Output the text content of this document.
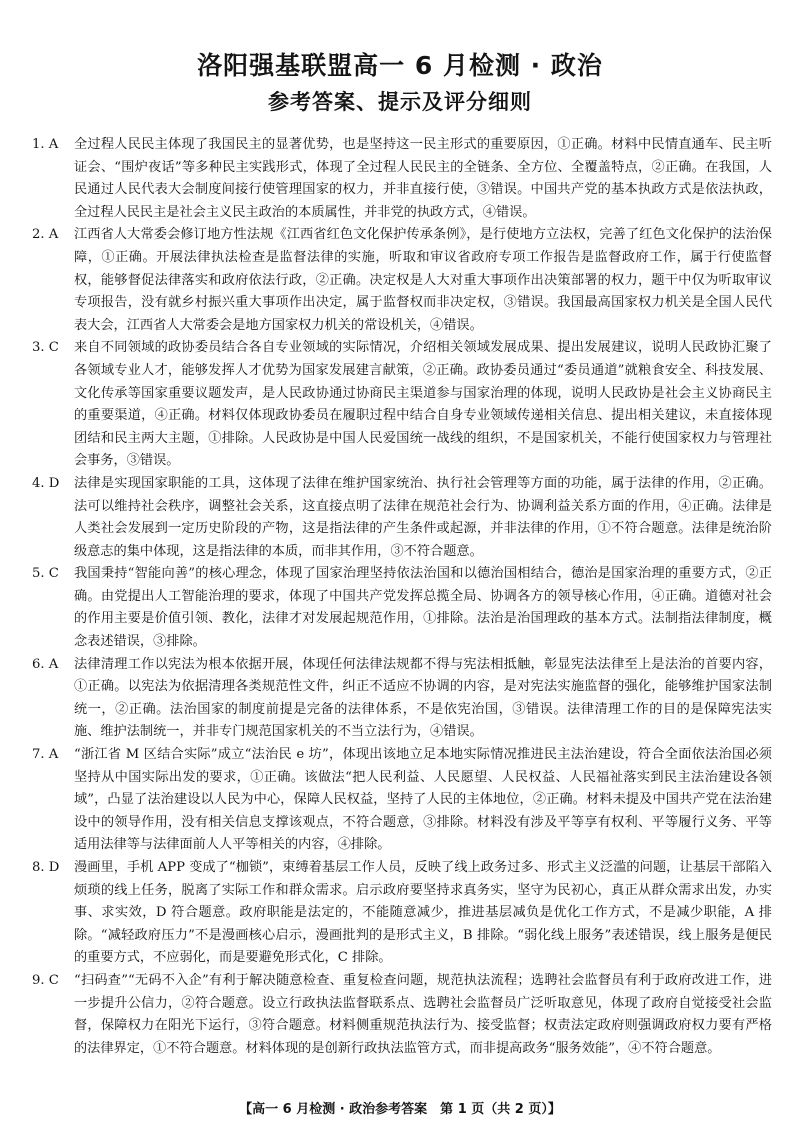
洛阳强基联盟高一 6 月检测 · 政治
参考答案、提示及评分细则
1. A	全过程人民民主体现了我国民主的显著优势，也是坚持这一民主形式的重要原因，①正确。材料中民情直通车、民主听证会、“围炉夜话”等多种民主实践形式，体现了全过程人民民主的全链条、全方位、全覆盖特点，②正确。在我国，人民通过人民代表大会制度间接行使管理国家的权力，并非直接行使，③错误。中国共产党的基本执政方式是依法执政，全过程人民民主是社会主义民主政治的本质属性，并非党的执政方式，④错误。
2. A	江西省人大常委会修订地方性法规《江西省红色文化保护传承条例》，是行使地方立法权，完善了红色文化保护的法治保障，①正确。开展法律执法检查是监督法律的实施，听取和审议省政府专项工作报告是监督政府工作，属于行使监督权，能够督促法律落实和政府依法行政，②正确。决定权是人大对重大事项作出决策部署的权力，题干中仅为听取审议专项报告，没有就乡村振兴重大事项作出决定，属于监督权而非决定权，③错误。我国最高国家权力机关是全国人民代表大会，江西省人大常委会是地方国家权力机关的常设机关，④错误。
3. C	来自不同领域的政协委员结合各自专业领域的实际情况，介绍相关领域发展成果、提出发展建议，说明人民政协汇聚了各领域专业人才，能够发挥人才优势为国家发展建言献策，②正确。政协委员通过“委员通道”就粮食安全、科技发展、文化传承等国家重要议题发声，是人民政协通过协商民主渠道参与国家治理的体现，说明人民政协是社会主义协商民主的重要渠道，④正确。材料仅体现政协委员在履职过程中结合自身专业领域传递相关信息、提出相关建议，未直接体现团结和民主两大主题，①排除。人民政协是中国人民爱国统一战线的组织，不是国家机关，不能行使国家权力与管理社会事务，③错误。
4. D	法律是实现国家职能的工具，这体现了法律在维护国家统治、执行社会管理等方面的功能，属于法律的作用，②正确。法可以维持社会秩序，调整社会关系，这直接点明了法律在规范社会行为、协调利益关系方面的作用，④正确。法律是人类社会发展到一定历史阶段的产物，这是指法律的产生条件或起源，并非法律的作用，①不符合题意。法律是统治阶级意志的集中体现，这是指法律的本质，而非其作用，③不符合题意。
5. C	我国秉持“智能向善”的核心理念，体现了国家治理坚持依法治国和以德治国相结合，德治是国家治理的重要方式，②正确。由党提出人工智能治理的要求，体现了中国共产党发挥总揽全局、协调各方的领导核心作用，④正确。道德对社会的作用主要是价值引领、教化，法律才对发展起规范作用，①排除。法治是治国理政的基本方式。法制指法律制度，概念表述错误，③排除。
6. A	法律清理工作以宪法为根本依据开展，体现任何法律法规都不得与宪法相抵触，彰显宪法法律至上是法治的首要内容，①正确。以宪法为依据清理各类规范性文件，纠正不适应不协调的内容，是对宪法实施监督的强化，能够维护国家法制统一，②正确。法治国家的制度前提是完备的法律体系，不是依宪治国，③错误。法律清理工作的目的是保障宪法实施、维护法制统一，并非专门规范国家机关的不当立法行为，④错误。
7. A	“浙江省 M 区结合实际”成立“法治民 e 坊”，体现出该地立足本地实际情况推进民主法治建设，符合全面依法治国必须坚持从中国实际出发的要求，①正确。该做法“把人民利益、人民愿望、人民权益、人民福祉落实到民主法治建设各领域”，凸显了法治建设以人民为中心，保障人民权益，坚持了人民的主体地位，②正确。材料未提及中国共产党在法治建设中的领导作用，没有相关信息支撑该观点，不符合题意，③排除。材料没有涉及平等享有权利、平等履行义务、平等适用法律等与法律面前人人平等相关的内容，④排除。
8. D	漫画里，手机 APP 变成了“枷锁”，束缚着基层工作人员，反映了线上政务过多、形式主义泛滥的问题，让基层干部陷入烦琐的线上任务，脱离了实际工作和群众需求。启示政府要坚持求真务实，坚守为民初心，真正从群众需求出发，办实事、求实效，D 符合题意。政府职能是法定的，不能随意减少，推进基层减负是优化工作方式，不是减少职能，A 排除。“减轻政府压力”不是漫画核心启示，漫画批判的是形式主义，B 排除。“弱化线上服务”表述错误，线上服务是便民的重要方式，不应弱化，而是要避免形式化，C 排除。
9. C	“扫码查”“无码不入企”有利于解决随意检查、重复检查问题，规范执法流程；选聘社会监督员有利于政府改进工作，进一步提升公信力，②符合题意。设立行政执法监督联系点、选聘社会监督员广泛听取意见，体现了政府自觉接受社会监督，保障权力在阳光下运行，③符合题意。材料侧重规范执法行为、接受监督；权责法定政府则强调政府权力要有严格的法律界定，①不符合题意。材料体现的是创新行政执法监管方式，而非提高政务“服务效能”，④不符合题意。
【高一 6 月检测 · 政治参考答案　第 1 页（共 2 页）】
